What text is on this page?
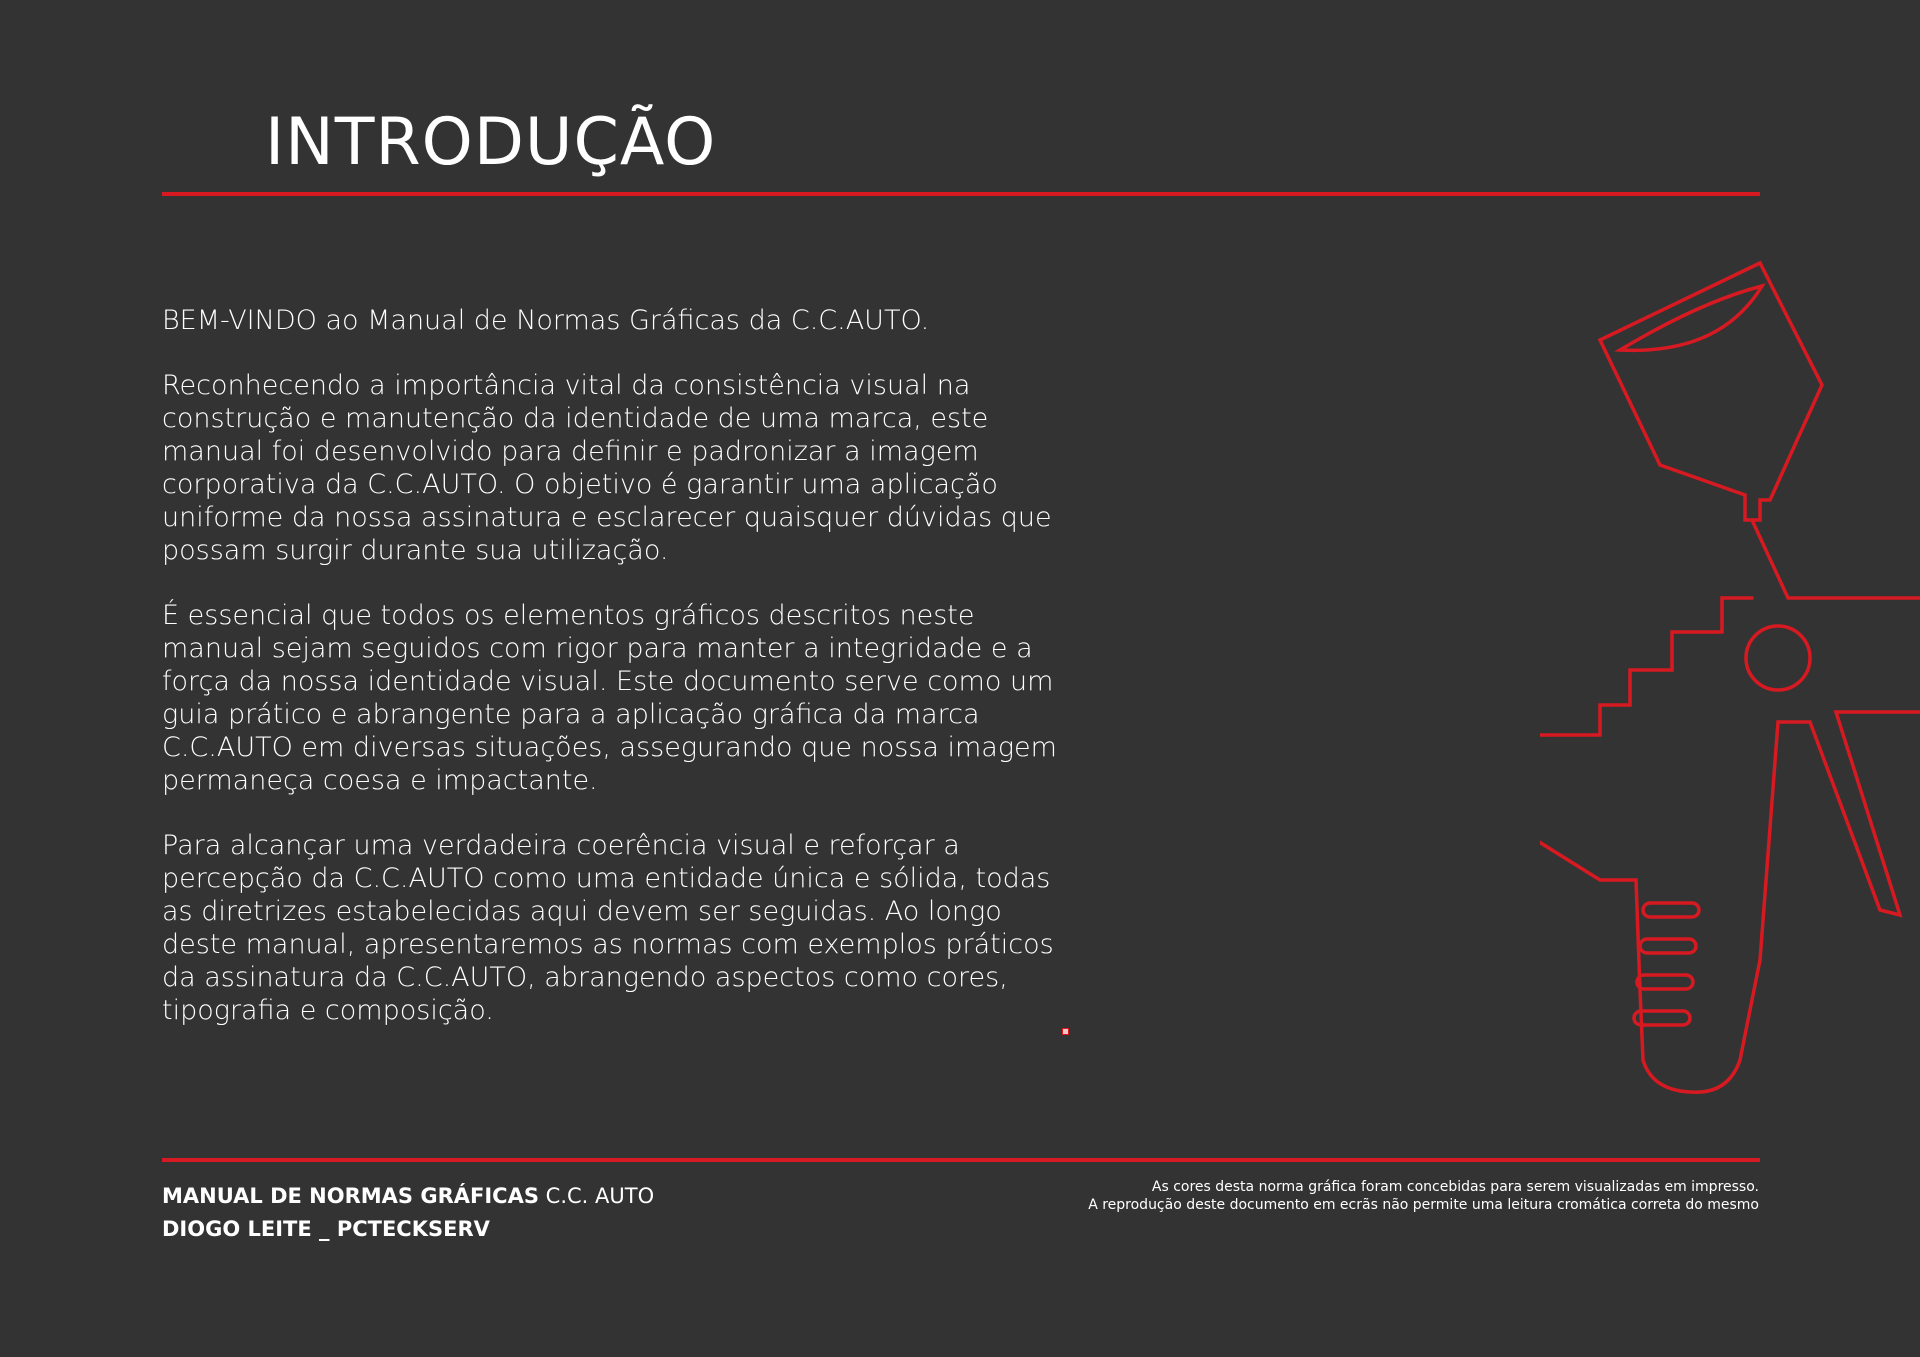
INTRODUÇÃO

BEM-VINDO ao Manual de Normas Gráficas da C.C.AUTO.

Reconhecendo a importância vital da consistência visual na construção e manutenção da identidade de uma marca, este manual foi desenvolvido para definir e padronizar a imagem corporativa da C.C.AUTO. O objetivo é garantir uma aplicação uniforme da nossa assinatura e esclarecer quaisquer dúvidas que possam surgir durante sua utilização.

É essencial que todos os elementos gráficos descritos neste manual sejam seguidos com rigor para manter a integridade e a força da nossa identidade visual. Este documento serve como um guia prático e abrangente para a aplicação gráfica da marca C.C.AUTO em diversas situações, assegurando que nossa imagem permaneça coesa e impactante.

Para alcançar uma verdadeira coerência visual e reforçar a percepção da C.C.AUTO como uma entidade única e sólida, todas as diretrizes estabelecidas aqui devem ser seguidas. Ao longo deste manual, apresentaremos as normas com exemplos práticos da assinatura da C.C.AUTO, abrangendo aspectos como cores, tipografia e composição.

MANUAL DE NORMAS GRÁFICAS C.C. AUTO
DIOGO LEITE _ PCTECKSERV
As cores desta norma gráfica foram concebidas para serem visualizadas em impresso.
A reprodução deste documento em ecrãs não permite uma leitura cromática correta do mesmo
